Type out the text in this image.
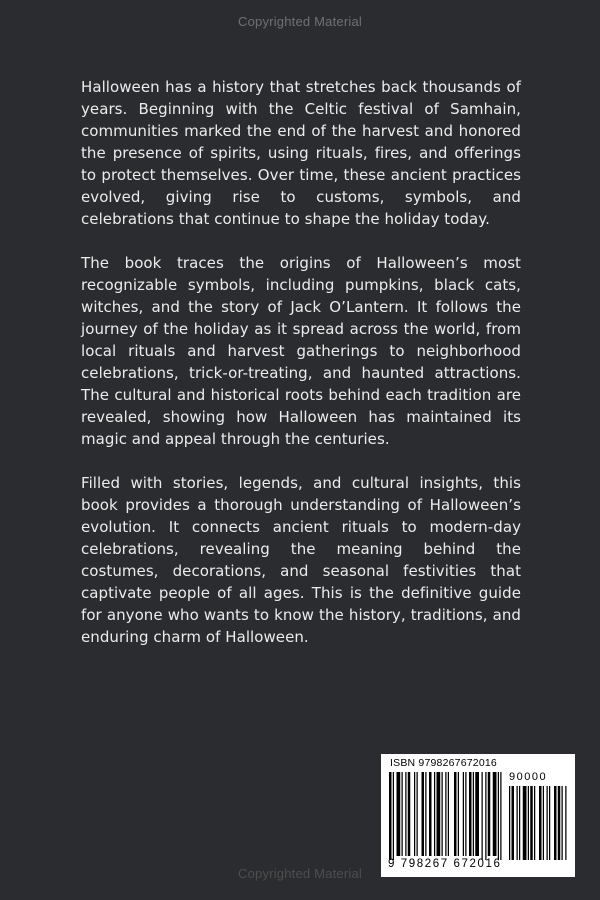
Copyrighted Material

Halloween has a history that stretches back thousands of years. Beginning with the Celtic festival of Samhain, communities marked the end of the harvest and honored the presence of spirits, using rituals, fires, and offerings to protect themselves. Over time, these ancient practices evolved, giving rise to customs, symbols, and celebrations that continue to shape the holiday today.

The book traces the origins of Halloween’s most recognizable symbols, including pumpkins, black cats, witches, and the story of Jack O’Lantern. It follows the journey of the holiday as it spread across the world, from local rituals and harvest gatherings to neighborhood celebrations, trick-or-treating, and haunted attractions. The cultural and historical roots behind each tradition are revealed, showing how Halloween has maintained its magic and appeal through the centuries.

Filled with stories, legends, and cultural insights, this book provides a thorough understanding of Halloween’s evolution. It connects ancient rituals to modern-day celebrations, revealing the meaning behind the costumes, decorations, and seasonal festivities that captivate people of all ages. This is the definitive guide for anyone who wants to know the history, traditions, and enduring charm of Halloween.

ISBN 9798267672016
90000
9 798267 672016
Copyrighted Material
